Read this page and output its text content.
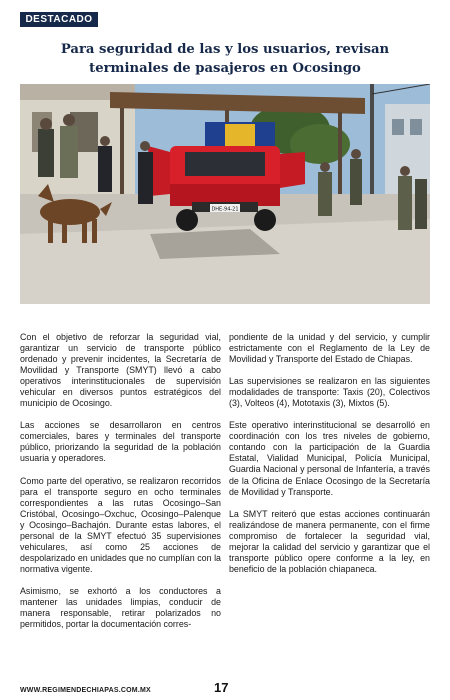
DESTACADO
Para seguridad de las y los usuarios, revisan terminales de pasajeros en Ocosingo
DHE-94-21

Con el objetivo de reforzar la seguridad vial, garantizar un servicio de transporte público ordenado y prevenir incidentes, la Secretaría de Movilidad y Transporte (SMYT) llevó a cabo operativos interinstitucionales de supervisión vehicular en diversos puntos estratégicos del municipio de Ocosingo.

Las acciones se desarrollaron en centros comerciales, bares y terminales del transporte público, priorizando la seguridad de la población usuaria y operadores.

Como parte del operativo, se realizaron recorridos para el transporte seguro en ocho terminales correspondientes a las rutas Ocosingo–San Cristóbal, Ocosingo–Oxchuc, Ocosingo–Palenque y Ocosingo–Bachajón. Durante estas labores, el personal de la SMYT efectuó 35 supervisiones vehiculares, así como 25 acciones de despolarizado en unidades que no cumplían con la normativa vigente.

Asimismo, se exhortó a los conductores a mantener las unidades limpias, conducir de manera responsable, retirar polarizados no permitidos, portar la documentación corres-

pondiente de la unidad y del servicio, y cumplir estrictamente con el Reglamento de la Ley de Movilidad y Transporte del Estado de Chiapas.

Las supervisiones se realizaron en las siguientes modalidades de transporte: Taxis (20), Colectivos (3), Volteos (4), Mototaxis (3), Mixtos (5).

Este operativo interinstitucional se desarrolló en coordinación con los tres niveles de gobierno, contando con la participación de la Guardia Estatal, Vialidad Municipal, Policía Municipal, Guardia Nacional y personal de Infantería, a través de la Oficina de Enlace Ocosingo de la Secretaría de Movilidad y Transporte.

La SMYT reiteró que estas acciones continuarán realizándose de manera permanente, con el firme compromiso de fortalecer la seguridad vial, mejorar la calidad del servicio y garantizar que el transporte público opere conforme a la ley, en beneficio de la población chiapaneca.

WWW.REGIMENDECHIAPAS.COM.MX	17
